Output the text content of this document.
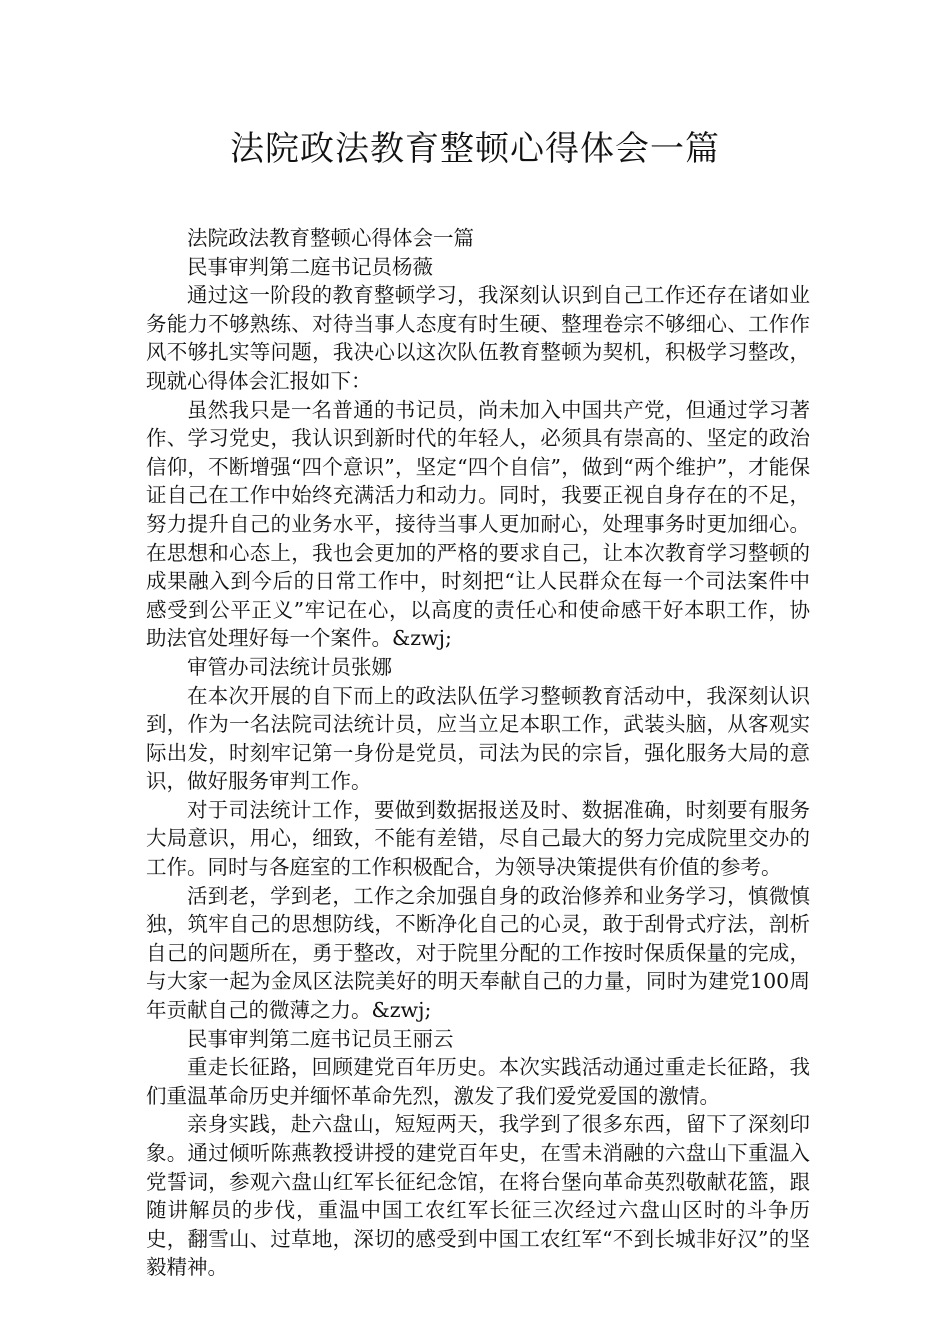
法院政法教育整顿心得体会一篇

法院政法教育整顿心得体会一篇

民事审判第二庭书记员杨薇

通过这一阶段的教育整顿学习，我深刻认识到自己工作还存在诸如业务能力不够熟练、对待当事人态度有时生硬、整理卷宗不够细心、工作作风不够扎实等问题，我决心以这次队伍教育整顿为契机，积极学习整改，现就心得体会汇报如下：

虽然我只是一名普通的书记员，尚未加入中国共产党，但通过学习著作、学习党史，我认识到新时代的年轻人，必须具有崇高的、坚定的政治信仰，不断增强“四个意识”，坚定“四个自信”，做到“两个维护”，才能保证自己在工作中始终充满活力和动力。同时，我要正视自身存在的不足，努力提升自己的业务水平，接待当事人更加耐心，处理事务时更加细心。在思想和心态上，我也会更加的严格的要求自己，让本次教育学习整顿的成果融入到今后的日常工作中，时刻把“让人民群众在每一个司法案件中感受到公平正义”牢记在心，以高度的责任心和使命感干好本职工作，协助法官处理好每一个案件。&zwj;

审管办司法统计员张娜

在本次开展的自下而上的政法队伍学习整顿教育活动中，我深刻认识到，作为一名法院司法统计员，应当立足本职工作，武装头脑，从客观实际出发，时刻牢记第一身份是党员，司法为民的宗旨，强化服务大局的意识，做好服务审判工作。

对于司法统计工作，要做到数据报送及时、数据准确，时刻要有服务大局意识，用心，细致，不能有差错，尽自己最大的努力完成院里交办的工作。同时与各庭室的工作积极配合，为领导决策提供有价值的参考。

活到老，学到老，工作之余加强自身的政治修养和业务学习，慎微慎独，筑牢自己的思想防线，不断净化自己的心灵，敢于刮骨式疗法，剖析自己的问题所在，勇于整改，对于院里分配的工作按时保质保量的完成，与大家一起为金凤区法院美好的明天奉献自己的力量，同时为建党100周年贡献自己的微薄之力。&zwj;

民事审判第二庭书记员王丽云

重走长征路，回顾建党百年历史。本次实践活动通过重走长征路，我们重温革命历史并缅怀革命先烈，激发了我们爱党爱国的激情。

亲身实践，赴六盘山，短短两天，我学到了很多东西，留下了深刻印象。通过倾听陈燕教授讲授的建党百年史，在雪未消融的六盘山下重温入党誓词，参观六盘山红军长征纪念馆，在将台堡向革命英烈敬献花篮，跟随讲解员的步伐，重温中国工农红军长征三次经过六盘山区时的斗争历史，翻雪山、过草地，深切的感受到中国工农红军“不到长城非好汉”的坚毅精神。
